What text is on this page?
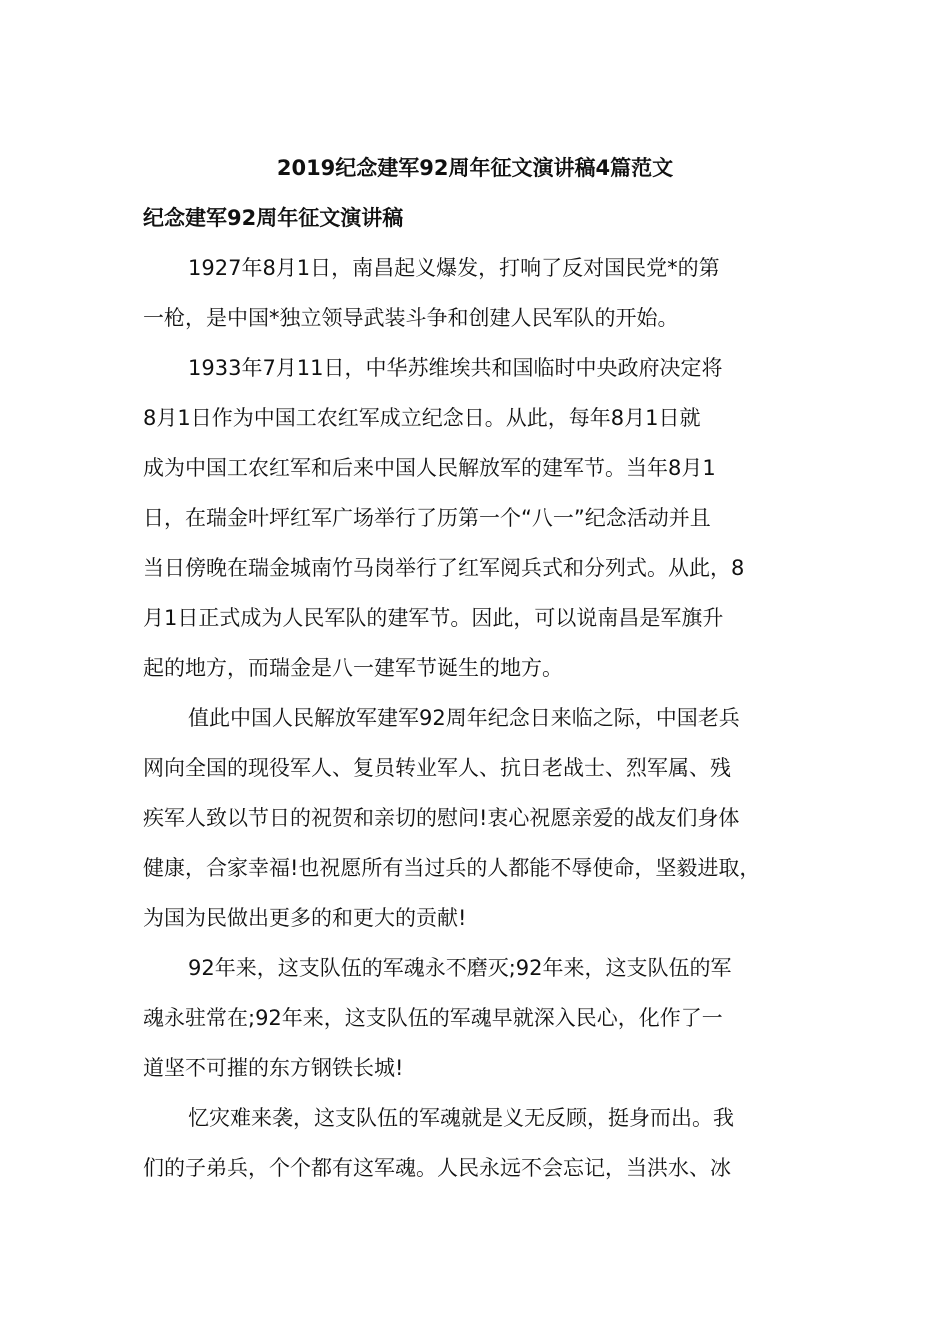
2019纪念建军92周年征文演讲稿4篇范文
纪念建军92周年征文演讲稿
1927年8月1日，南昌起义爆发，打响了反对国民党*的第
一枪，是中国*独立领导武装斗争和创建人民军队的开始。
1933年7月11日，中华苏维埃共和国临时中央政府决定将
8月1日作为中国工农红军成立纪念日。从此，每年8月1日就
成为中国工农红军和后来中国人民解放军的建军节。当年8月1
日，在瑞金叶坪红军广场举行了历第一个“八一”纪念活动并且
当日傍晚在瑞金城南竹马岗举行了红军阅兵式和分列式。从此，8
月1日正式成为人民军队的建军节。因此，可以说南昌是军旗升
起的地方，而瑞金是八一建军节诞生的地方。
值此中国人民解放军建军92周年纪念日来临之际，中国老兵
网向全国的现役军人、复员转业军人、抗日老战士、烈军属、残
疾军人致以节日的祝贺和亲切的慰问!衷心祝愿亲爱的战友们身体
健康，合家幸福!也祝愿所有当过兵的人都能不辱使命，坚毅进取，
为国为民做出更多的和更大的贡献!
92年来，这支队伍的军魂永不磨灭;92年来，这支队伍的军
魂永驻常在;92年来，这支队伍的军魂早就深入民心，化作了一
道坚不可摧的东方钢铁长城!
忆灾难来袭，这支队伍的军魂就是义无反顾，挺身而出。我
们的子弟兵，个个都有这军魂。人民永远不会忘记，当洪水、冰
